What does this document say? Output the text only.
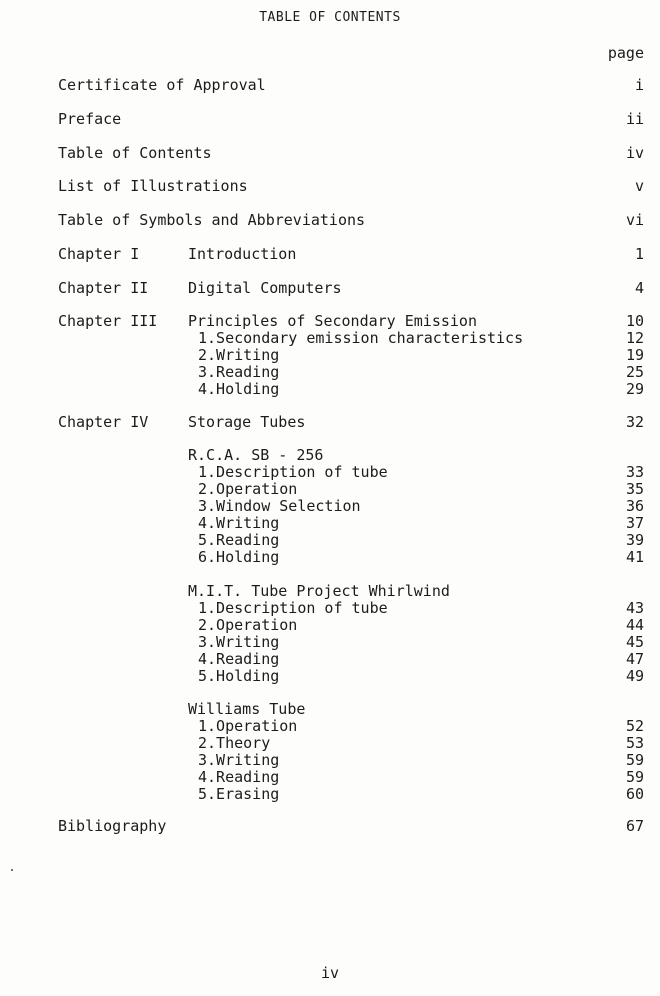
TABLE OF CONTENTS
page
Certificate of Approval	i
Preface	ii
Table of Contents	iv
List of Illustrations	v
Table of Symbols and Abbreviations	vi
Chapter I	Introduction	1
Chapter II	Digital Computers	4
Chapter III Principles of Secondary Emission	10
1.Secondary emission characteristics	12
2.Writing	19
3.Reading	25
4.Holding	29
Chapter IV	Storage Tubes	32
R.C.A. SB - 256
1.Description of tube	33
2.Operation	35
3.Window Selection	36
4.Writing	37
5.Reading	39
6.Holding	41
M.I.T. Tube Project Whirlwind
1.Description of tube	43
2.Operation	44
3.Writing	45
4.Reading	47
5.Holding	49
Williams Tube
1.Operation	52
2.Theory	53
3.Writing	59
4.Reading	59
5.Erasing	60
Bibliography	67
iv
